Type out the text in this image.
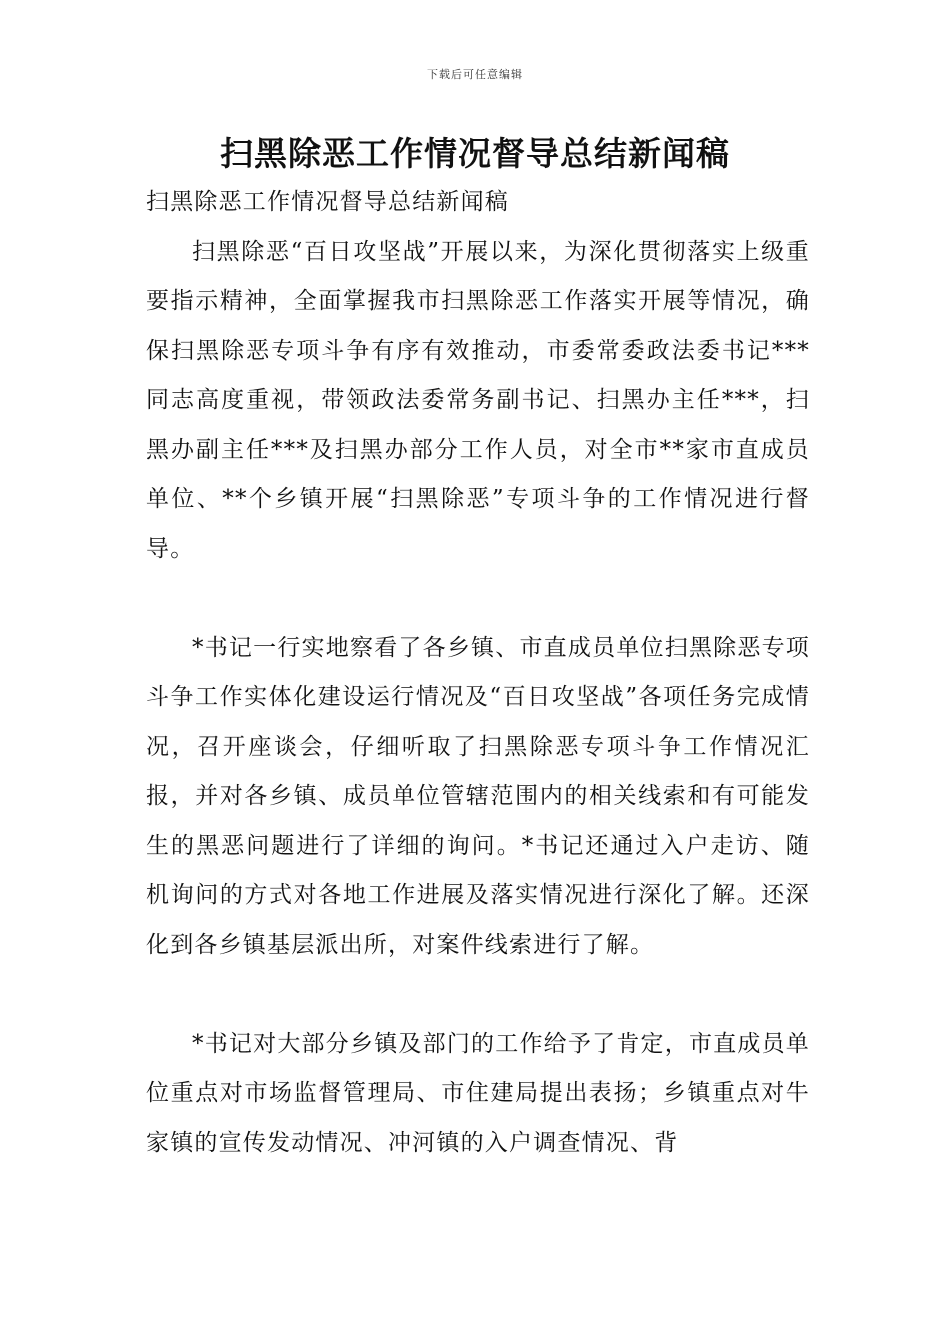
下载后可任意编辑
扫黑除恶工作情况督导总结新闻稿

扫黑除恶工作情况督导总结新闻稿

扫黑除恶“百日攻坚战”开展以来，为深化贯彻落实上级重要指示精神，全面掌握我市扫黑除恶工作落实开展等情况，确保扫黑除恶专项斗争有序有效推动，市委常委政法委书记***同志高度重视，带领政法委常务副书记、扫黑办主任***，扫黑办副主任***及扫黑办部分工作人员，对全市**家市直成员单位、**个乡镇开展“扫黑除恶”专项斗争的工作情况进行督导。

*书记一行实地察看了各乡镇、市直成员单位扫黑除恶专项斗争工作实体化建设运行情况及“百日攻坚战”各项任务完成情况，召开座谈会，仔细听取了扫黑除恶专项斗争工作情况汇报，并对各乡镇、成员单位管辖范围内的相关线索和有可能发生的黑恶问题进行了详细的询问。*书记还通过入户走访、随机询问的方式对各地工作进展及落实情况进行深化了解。还深化到各乡镇基层派出所，对案件线索进行了解。

*书记对大部分乡镇及部门的工作给予了肯定，市直成员单位重点对市场监督管理局、市住建局提出表扬；乡镇重点对牛家镇的宣传发动情况、冲河镇的入户调查情况、背
